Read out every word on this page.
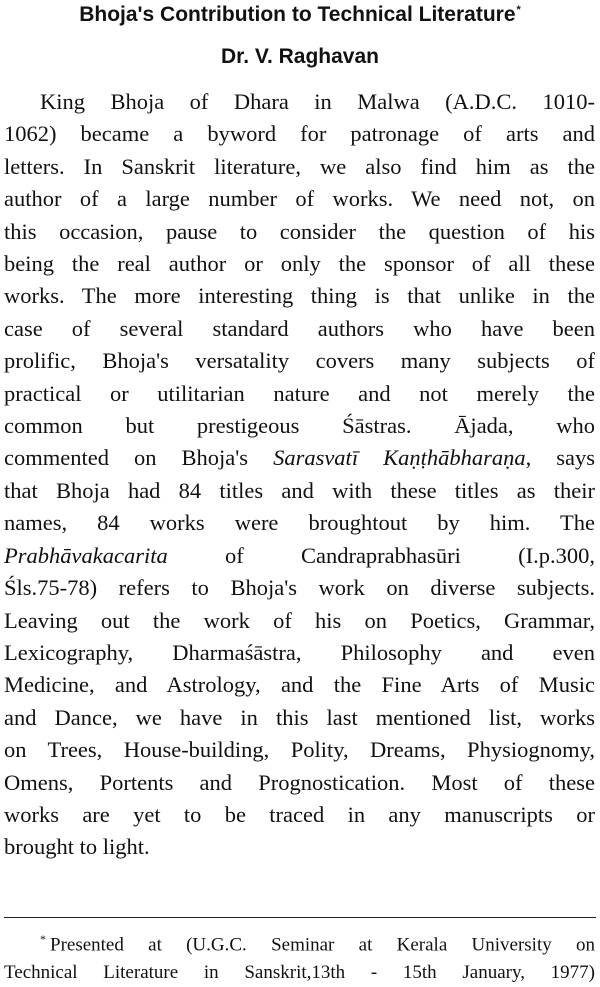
Bhoja's Contribution to Technical Literature*
Dr. V. Raghavan

King Bhoja of Dhara in Malwa (A.D.C. 1010-
1062) became a byword for patronage of arts and
letters. In Sanskrit literature, we also find him as the
author of a large number of works. We need not, on
this occasion, pause to consider the question of his
being the real author or only the sponsor of all these
works. The more interesting thing is that unlike in the
case of several standard authors who have been
prolific, Bhoja's versatality covers many subjects of
practical or utilitarian nature and not merely the
common but prestigeous Śāstras. Ājada, who
commented on Bhoja's Sarasvatī Kaṇṭhābharaṇa, says
that Bhoja had 84 titles and with these titles as their
names, 84 works were broughtout by him. The
Prabhāvakacarita of Candraprabhasūri (I.p.300,
Śls.75-78) refers to Bhoja's work on diverse subjects.
Leaving out the work of his on Poetics, Grammar,
Lexicography, Dharmaśāstra, Philosophy and even
Medicine, and Astrology, and the Fine Arts of Music
and Dance, we have in this last mentioned list, works
on Trees, House-building, Polity, Dreams, Physiognomy,
Omens, Portents and Prognostication. Most of these
works are yet to be traced in any manuscripts or
brought to light.

* Presented at (U.G.C. Seminar at Kerala University on
Technical Literature in Sanskrit,13th - 15th January, 1977)
